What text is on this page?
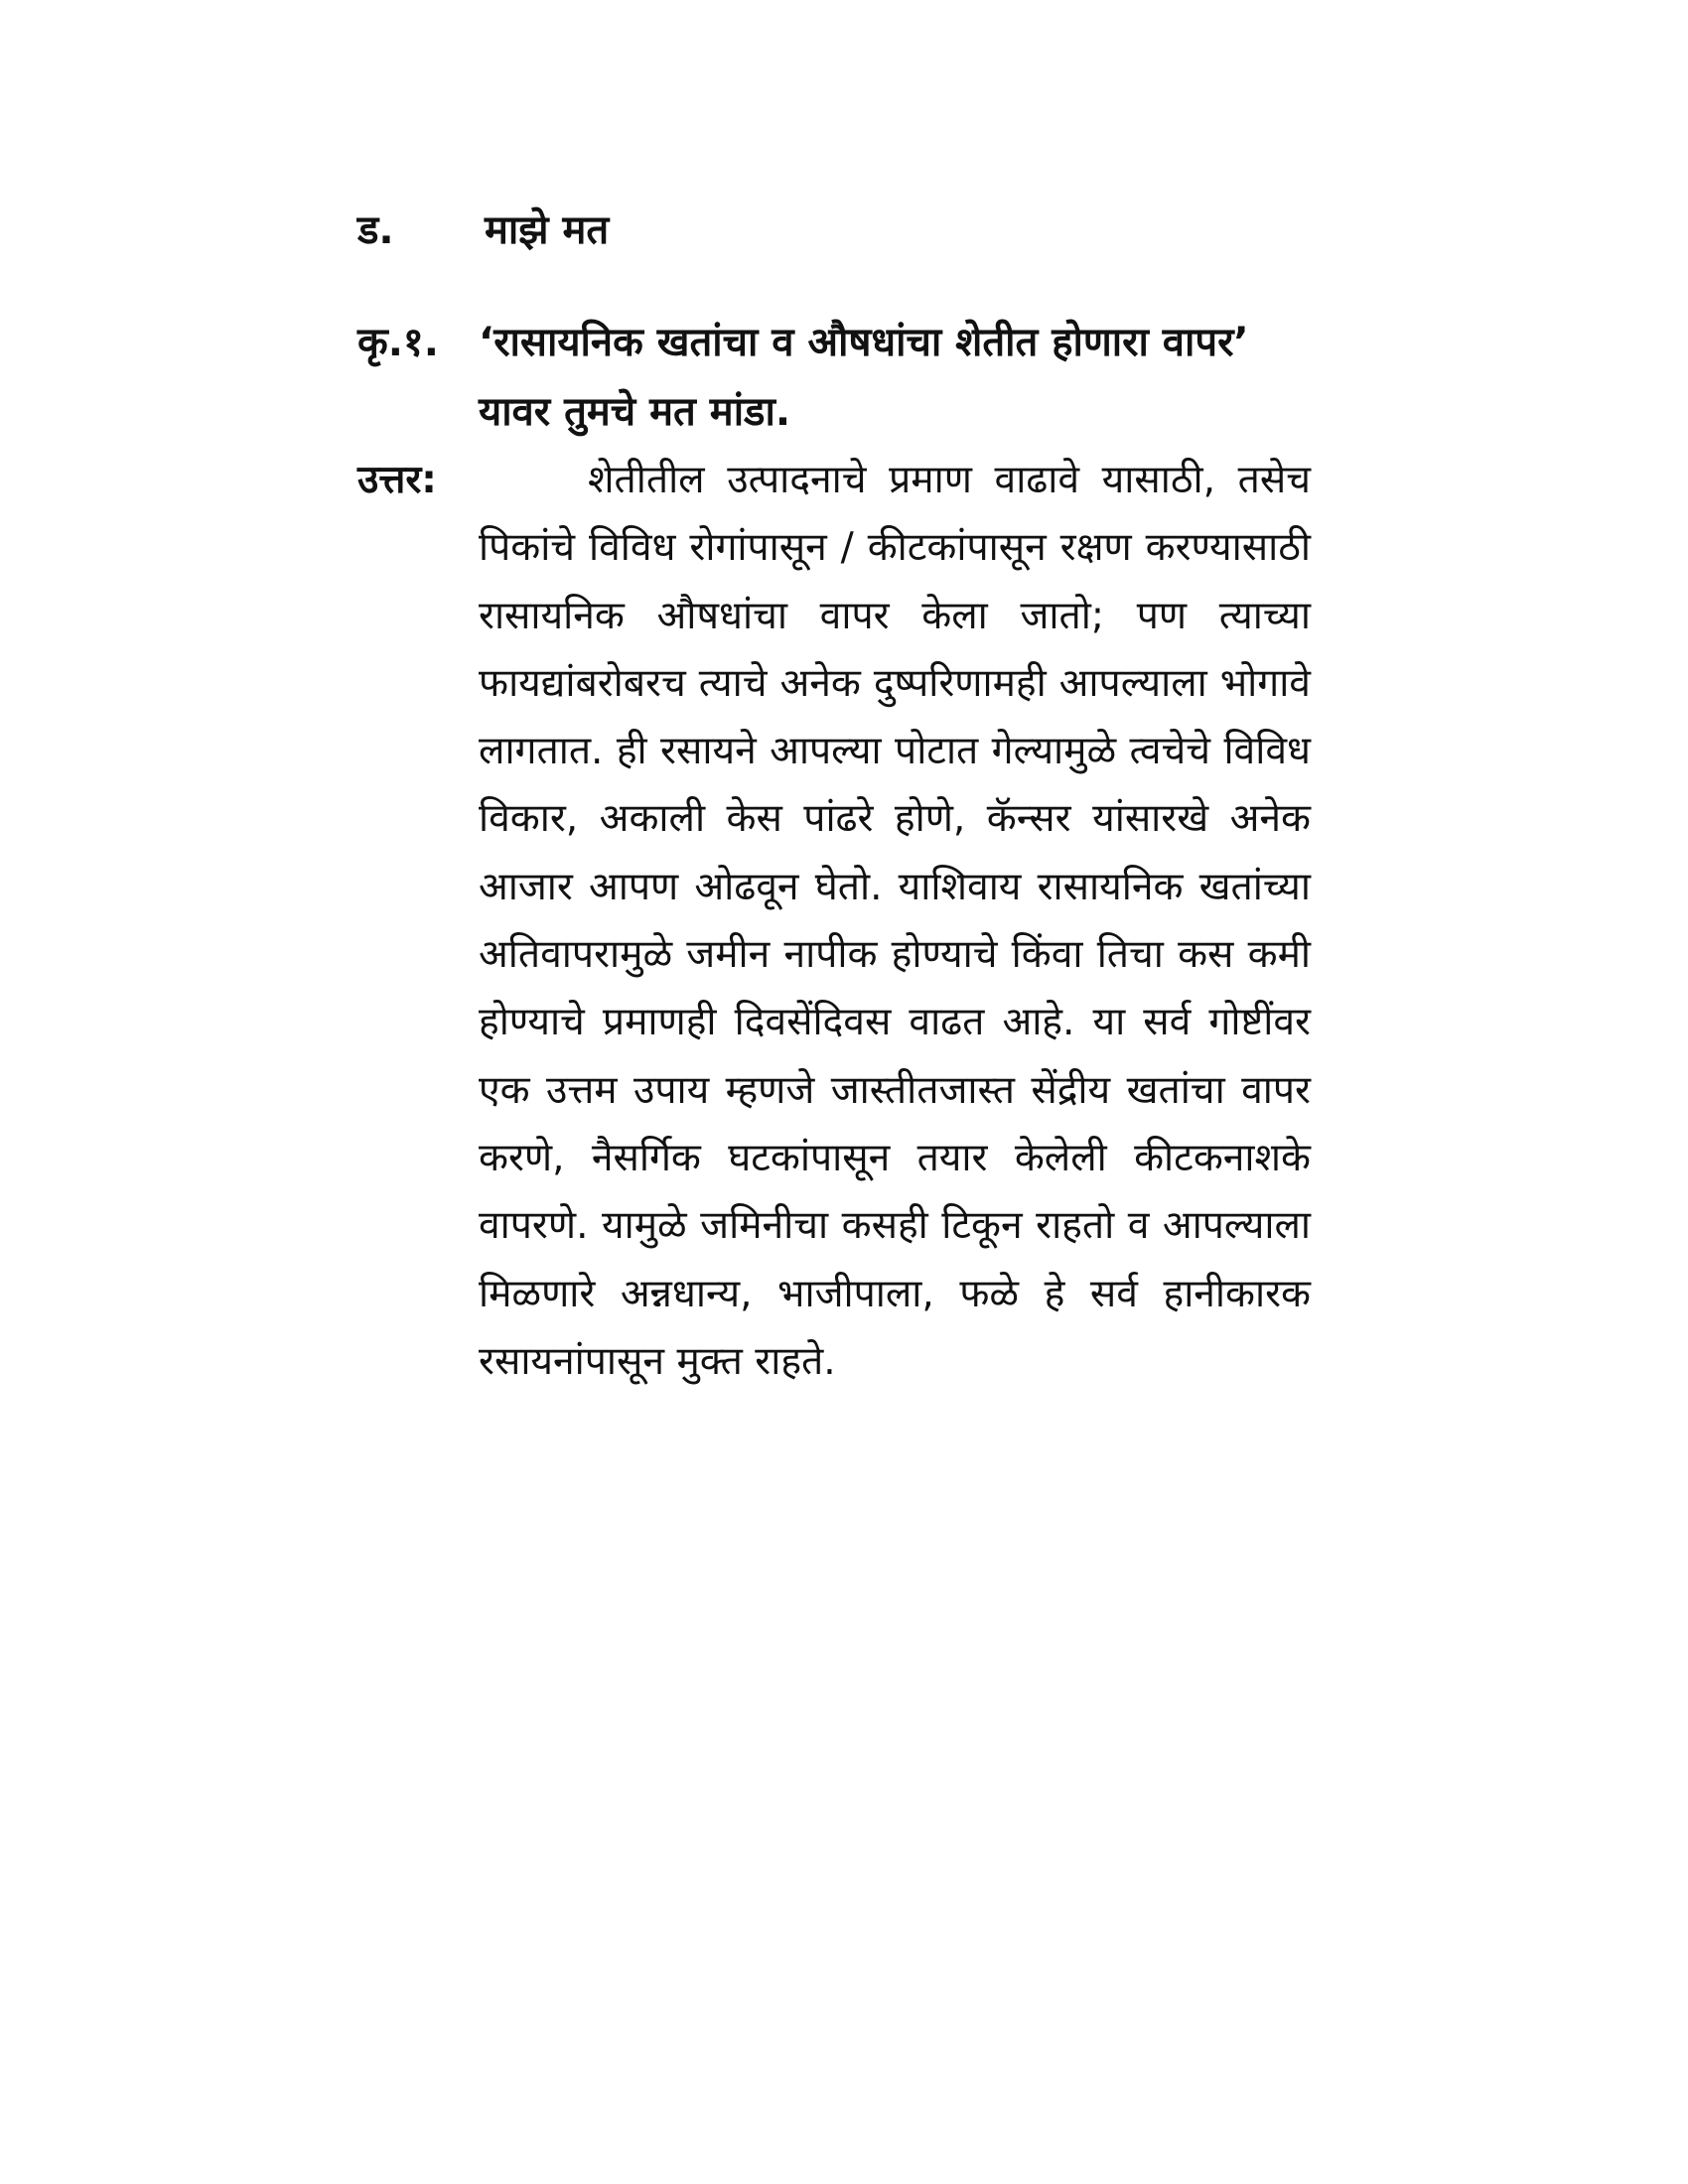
ड.	माझे मत
कृ.१. ‘रासायनिक खतांचा व औषधांचा शेतीत होणारा वापर’ यावर तुमचे मत मांडा.
उत्तर:	शेतीतील उत्पादनाचे प्रमाण वाढावे यासाठी, तसेच पिकांचे विविध रोगांपासून / कीटकांपासून रक्षण करण्यासाठी रासायनिक औषधांचा वापर केला जातो; पण त्याच्या फायद्यांबरोबरच त्याचे अनेक दुष्परिणामही आपल्याला भोगावे लागतात. ही रसायने आपल्या पोटात गेल्यामुळे त्वचेचे विविध विकार, अकाली केस पांढरे होणे, कॅन्सर यांसारखे अनेक आजार आपण ओढवून घेतो. याशिवाय रासायनिक खतांच्या अतिवापरामुळे जमीन नापीक होण्याचे किंवा तिचा कस कमी होण्याचे प्रमाणही दिवसेंदिवस वाढत आहे. या सर्व गोष्टींवर एक उत्तम उपाय म्हणजे जास्तीतजास्त सेंद्रीय खतांचा वापर करणे, नैसर्गिक घटकांपासून तयार केलेली कीटकनाशके वापरणे. यामुळे जमिनीचा कसही टिकून राहतो व आपल्याला मिळणारे अन्नधान्य, भाजीपाला, फळे हे सर्व हानीकारक रसायनांपासून मुक्त राहते.
